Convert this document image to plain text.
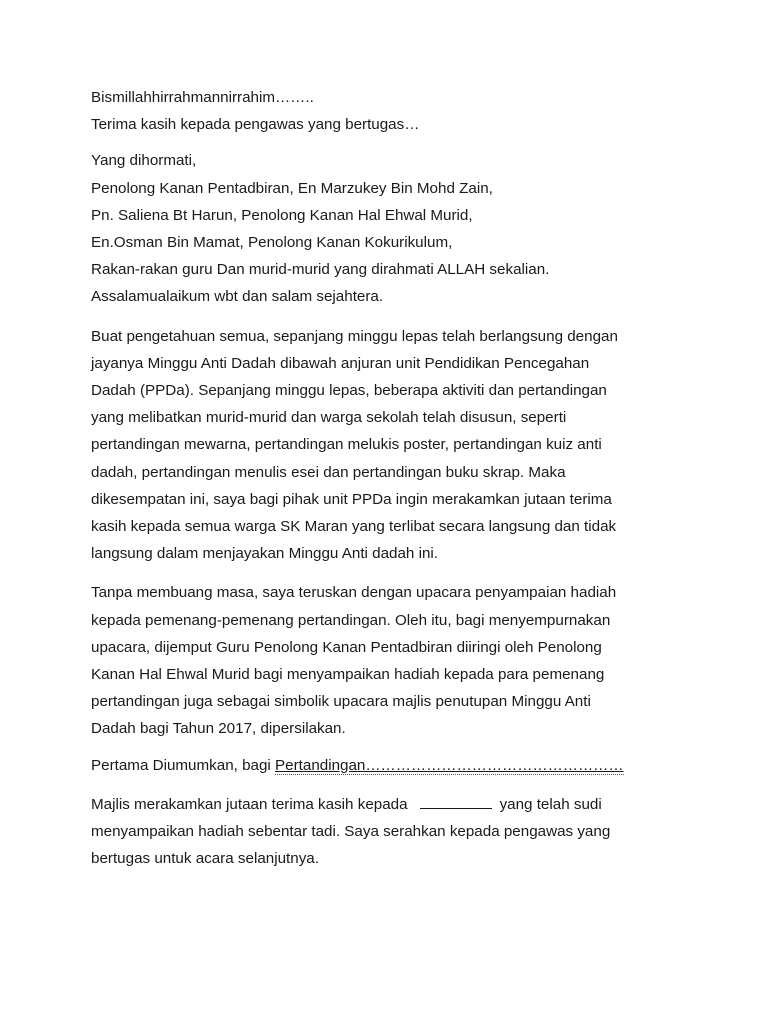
Bismillahhirrahmannirrahim……..
Terima kasih kepada pengawas yang bertugas…
Yang dihormati,
Penolong Kanan Pentadbiran, En Marzukey Bin Mohd Zain,
Pn. Saliena Bt Harun, Penolong Kanan Hal Ehwal Murid,
En.Osman Bin Mamat, Penolong Kanan Kokurikulum,
Rakan-rakan guru Dan murid-murid yang dirahmati ALLAH sekalian.
Assalamualaikum wbt dan salam sejahtera.
Buat pengetahuan semua, sepanjang minggu lepas telah berlangsung dengan
jayanya Minggu Anti Dadah dibawah anjuran unit Pendidikan Pencegahan
Dadah (PPDa). Sepanjang minggu lepas, beberapa aktiviti dan pertandingan
yang melibatkan murid-murid dan warga sekolah telah disusun, seperti
pertandingan mewarna, pertandingan melukis poster, pertandingan kuiz anti
dadah, pertandingan menulis esei dan pertandingan buku skrap. Maka
dikesempatan ini, saya bagi pihak unit PPDa ingin merakamkan jutaan terima
kasih kepada semua warga SK Maran yang terlibat secara langsung dan tidak
langsung dalam menjayakan Minggu Anti dadah ini.
Tanpa membuang masa, saya teruskan dengan upacara penyampaian hadiah
kepada pemenang-pemenang pertandingan. Oleh itu, bagi menyempurnakan
upacara, dijemput Guru Penolong Kanan Pentadbiran diiringi oleh Penolong
Kanan Hal Ehwal Murid bagi menyampaikan hadiah kepada para pemenang
pertandingan juga sebagai simbolik upacara majlis penutupan Minggu Anti
Dadah bagi Tahun 2017, dipersilakan.
Pertama Diumumkan, bagi Pertandingan……………………………………………
Majlis merakamkan jutaan terima kasih kepada	yang telah sudi
menyampaikan hadiah sebentar tadi. Saya serahkan kepada pengawas yang
bertugas untuk acara selanjutnya.
